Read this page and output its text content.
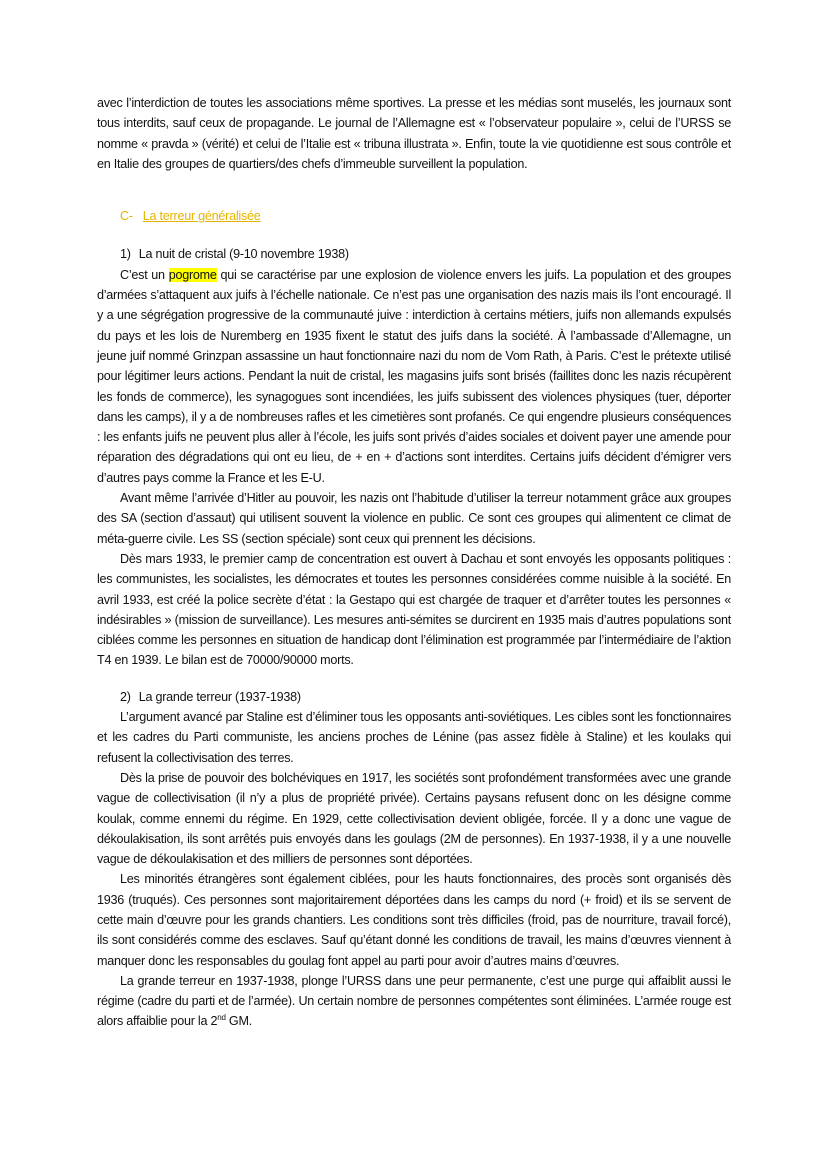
avec l’interdiction de toutes les associations même sportives. La presse et les médias sont muselés, les journaux sont tous interdits, sauf ceux de propagande. Le journal de l’Allemagne est « l’observateur populaire », celui de l’URSS se nomme « pravda » (vérité) et celui de l’Italie est « tribuna illustrata ». Enfin, toute la vie quotidienne est sous contrôle et en Italie des groupes de quartiers/des chefs d’immeuble surveillent la population.

C- La terreur généralisée
1) La nuit de cristal (9-10 novembre 1938)

C’est un pogrome qui se caractérise par une explosion de violence envers les juifs. La population et des groupes d’armées s’attaquent aux juifs à l’échelle nationale. Ce n’est pas une organisation des nazis mais ils l’ont encouragé. Il y a une ségrégation progressive de la communauté juive : interdiction à certains métiers, juifs non allemands expulsés du pays et les lois de Nuremberg en 1935 fixent le statut des juifs dans la société. À l’ambassade d’Allemagne, un jeune juif nommé Grinzpan assassine un haut fonctionnaire nazi du nom de Vom Rath, à Paris. C’est le prétexte utilisé pour légitimer leurs actions. Pendant la nuit de cristal, les magasins juifs sont brisés (faillites donc les nazis récupèrent les fonds de commerce), les synagogues sont incendiées, les juifs subissent des violences physiques (tuer, déporter dans les camps), il y a de nombreuses rafles et les cimetières sont profanés. Ce qui engendre plusieurs conséquences : les enfants juifs ne peuvent plus aller à l’école, les juifs sont privés d’aides sociales et doivent payer une amende pour réparation des dégradations qui ont eu lieu, de + en + d’actions sont interdites. Certains juifs décident d’émigrer vers d’autres pays comme la France et les E-U.

Avant même l’arrivée d’Hitler au pouvoir, les nazis ont l’habitude d’utiliser la terreur notamment grâce aux groupes des SA (section d’assaut) qui utilisent souvent la violence en public. Ce sont ces groupes qui alimentent ce climat de méta-guerre civile. Les SS (section spéciale) sont ceux qui prennent les décisions.

Dès mars 1933, le premier camp de concentration est ouvert à Dachau et sont envoyés les opposants politiques : les communistes, les socialistes, les démocrates et toutes les personnes considérées comme nuisible à la société. En avril 1933, est créé la police secrète d’état : la Gestapo qui est chargée de traquer et d’arrêter toutes les personnes « indésirables » (mission de surveillance). Les mesures anti-sémites se durcirent en 1935 mais d’autres populations sont ciblées comme les personnes en situation de handicap dont l’élimination est programmée par l’intermédiaire de l’aktion T4 en 1939. Le bilan est de 70000/90000 morts.

2) La grande terreur (1937-1938)

L’argument avancé par Staline est d’éliminer tous les opposants anti-soviétiques. Les cibles sont les fonctionnaires et les cadres du Parti communiste, les anciens proches de Lénine (pas assez fidèle à Staline) et les koulaks qui refusent la collectivisation des terres.

Dès la prise de pouvoir des bolchéviques en 1917, les sociétés sont profondément transformées avec une grande vague de collectivisation (il n’y a plus de propriété privée). Certains paysans refusent donc on les désigne comme koulak, comme ennemi du régime. En 1929, cette collectivisation devient obligée, forcée. Il y a donc une vague de dékoulakisation, ils sont arrêtés puis envoyés dans les goulags (2M de personnes). En 1937-1938, il y a une nouvelle vague de dékoulakisation et des milliers de personnes sont déportées.

Les minorités étrangères sont également ciblées, pour les hauts fonctionnaires, des procès sont organisés dès 1936 (truqués). Ces personnes sont majoritairement déportées dans les camps du nord (+ froid) et ils se servent de cette main d’œuvre pour les grands chantiers. Les conditions sont très difficiles (froid, pas de nourriture, travail forcé), ils sont considérés comme des esclaves. Sauf qu’étant donné les conditions de travail, les mains d’œuvres viennent à manquer donc les responsables du goulag font appel au parti pour avoir d’autres mains d’œuvres.

La grande terreur en 1937-1938, plonge l’URSS dans une peur permanente, c’est une purge qui affaiblit aussi le régime (cadre du parti et de l’armée). Un certain nombre de personnes compétentes sont éliminées. L’armée rouge est alors affaiblie pour la 2nd GM.
